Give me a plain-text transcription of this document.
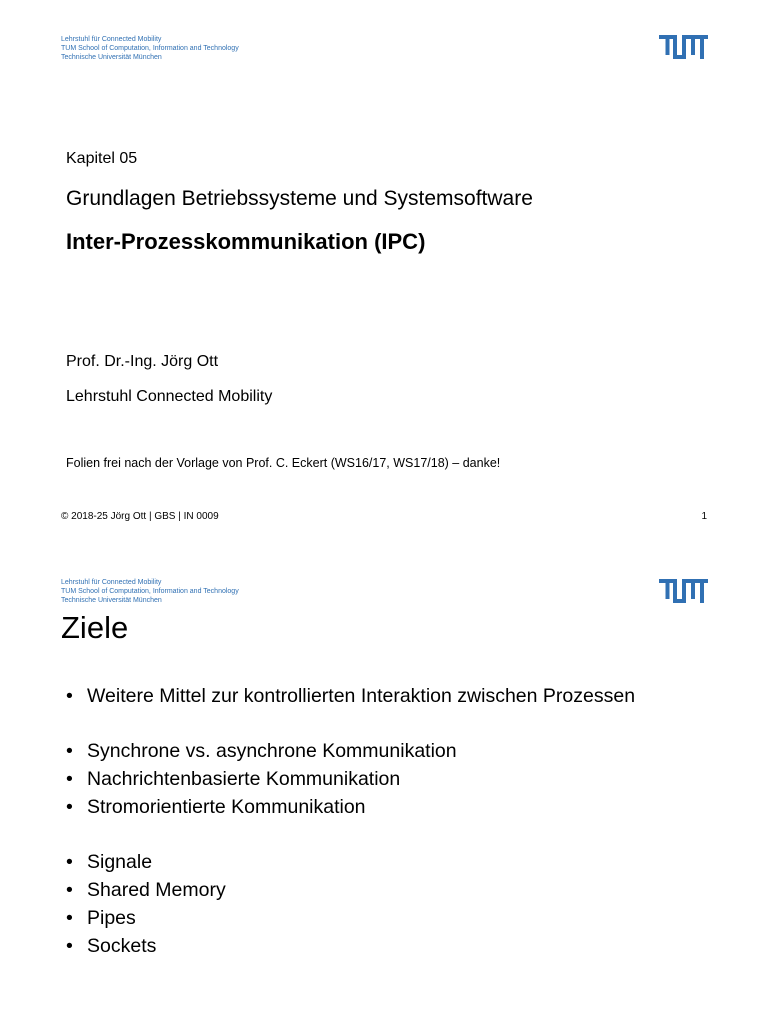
Lehrstuhl für Connected Mobility
TUM School of Computation, Information and Technology
Technische Universität München
Kapitel 05
Grundlagen Betriebssysteme und Systemsoftware
Inter-Prozesskommunikation (IPC)
Prof. Dr.-Ing. Jörg Ott
Lehrstuhl Connected Mobility
Folien frei nach der Vorlage von Prof. C. Eckert (WS16/17, WS17/18) – danke!
© 2018-25 Jörg Ott | GBS | IN 0009	1
Lehrstuhl für Connected Mobility
TUM School of Computation, Information and Technology
Technische Universität München
Ziele
• Weitere Mittel zur kontrollierten Interaktion zwischen Prozessen
• Synchrone vs. asynchrone Kommunikation
• Nachrichtenbasierte Kommunikation
• Stromorientierte Kommunikation
• Signale
• Shared Memory
• Pipes
• Sockets
